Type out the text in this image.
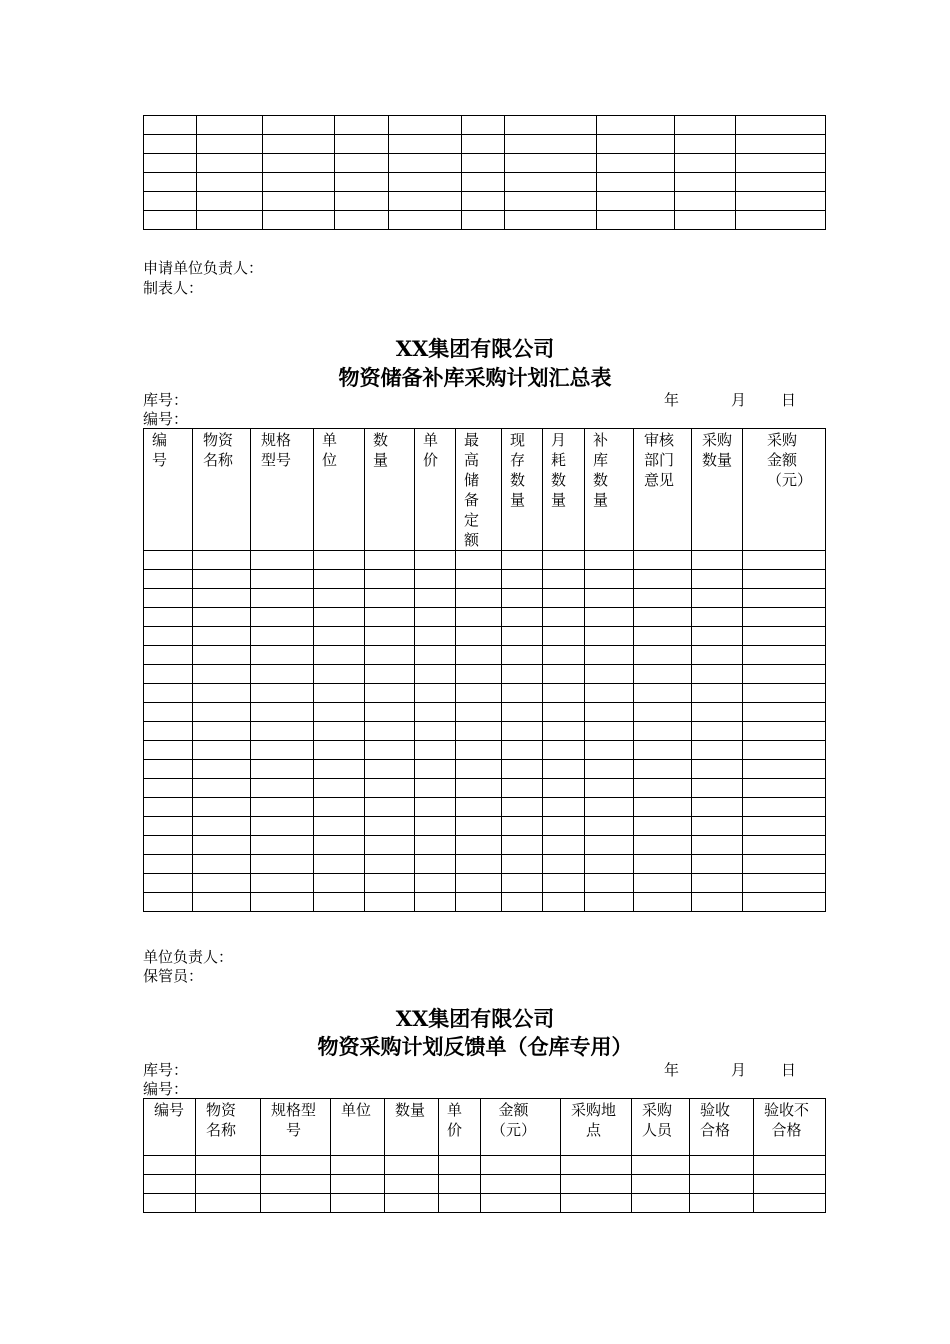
申请单位负责人：
制表人：
XX集团有限公司
物资储备补库采购计划汇总表
库号：
编号：
年	月 日
编号	物资名称	规格型号	单位	数量	单价	最高储备定额	现存数量	月耗数量	补库数量	审核部门意见	采购数量	采购金额（元）

单位负责人：
保管员：
XX集团有限公司
物资采购计划反馈单（仓库专用）
库号：
编号：
年	月 日
编号	物资名称	规格型号	单位	数量	单价	金额（元）	采购地点	采购人员	验收合格	验收不合格
